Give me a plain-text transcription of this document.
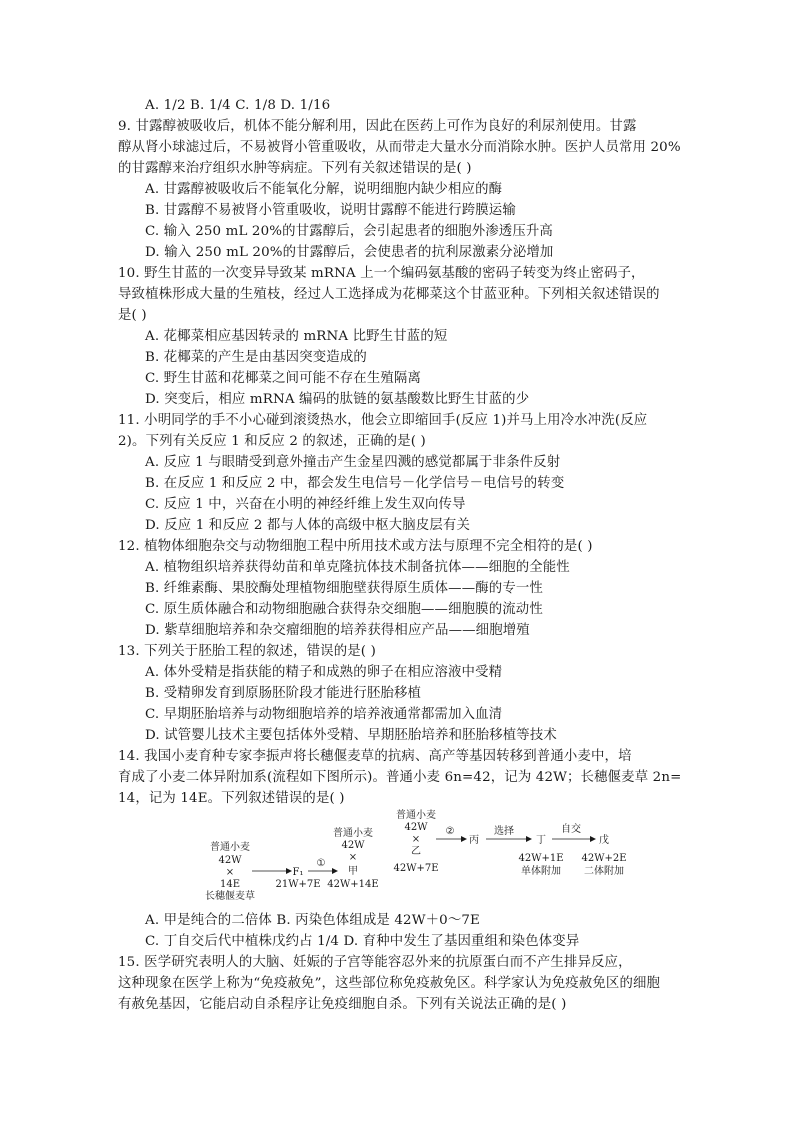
A. 1/2 B. 1/4 C. 1/8 D. 1/16
9. 甘露醇被吸收后，机体不能分解利用，因此在医药上可作为良好的利尿剂使用。甘露
醇从肾小球滤过后，不易被肾小管重吸收，从而带走大量水分而消除水肿。医护人员常用 20%
的甘露醇来治疗组织水肿等病症。下列有关叙述错误的是( )
A. 甘露醇被吸收后不能氧化分解，说明细胞内缺少相应的酶
B. 甘露醇不易被肾小管重吸收，说明甘露醇不能进行跨膜运输
C. 输入 250 mL 20%的甘露醇后，会引起患者的细胞外渗透压升高
D. 输入 250 mL 20%的甘露醇后，会使患者的抗利尿激素分泌增加
10. 野生甘蓝的一次变异导致某 mRNA 上一个编码氨基酸的密码子转变为终止密码子，
导致植株形成大量的生殖枝，经过人工选择成为花椰菜这个甘蓝亚种。下列相关叙述错误的
是( )
A. 花椰菜相应基因转录的 mRNA 比野生甘蓝的短
B. 花椰菜的产生是由基因突变造成的
C. 野生甘蓝和花椰菜之间可能不存在生殖隔离
D. 突变后，相应 mRNA 编码的肽链的氨基酸数比野生甘蓝的少
11. 小明同学的手不小心碰到滚烫热水，他会立即缩回手(反应 1)并马上用冷水冲洗(反应
2)。下列有关反应 1 和反应 2 的叙述，正确的是( )
A. 反应 1 与眼睛受到意外撞击产生金星四溅的感觉都属于非条件反射
B. 在反应 1 和反应 2 中，都会发生电信号－化学信号－电信号的转变
C. 反应 1 中，兴奋在小明的神经纤维上发生双向传导
D. 反应 1 和反应 2 都与人体的高级中枢大脑皮层有关
12. 植物体细胞杂交与动物细胞工程中所用技术或方法与原理不完全相符的是( )
A. 植物组织培养获得幼苗和单克隆抗体技术制备抗体——细胞的全能性
B. 纤维素酶、果胶酶处理植物细胞壁获得原生质体——酶的专一性
C. 原生质体融合和动物细胞融合获得杂交细胞——细胞膜的流动性
D. 紫草细胞培养和杂交瘤细胞的培养获得相应产品——细胞增殖
13. 下列关于胚胎工程的叙述，错误的是( )
A. 体外受精是指获能的精子和成熟的卵子在相应溶液中受精
B. 受精卵发育到原肠胚阶段才能进行胚胎移植
C. 早期胚胎培养与动物细胞培养的培养液通常都需加入血清
D. 试管婴儿技术主要包括体外受精、早期胚胎培养和胚胎移植等技术
14. 我国小麦育种专家李振声将长穗偃麦草的抗病、高产等基因转移到普通小麦中，培
育成了小麦二体异附加系(流程如下图所示)。普通小麦 6n=42，记为 42W；长穗偃麦草 2n=
14，记为 14E。下列叙述错误的是( )
普通小麦
42W
×
14E
长穗偃麦草
F₁
21W+7E
①
普通小麦
42W
×
甲
42W+14E
普通小麦
42W
×
乙
42W+7E
②
丙
选择
丁
42W+1E
单体附加
自交
戊
42W+2E
二体附加
A. 甲是纯合的二倍体 B. 丙染色体组成是 42W＋0～7E
C. 丁自交后代中植株戊约占 1/4 D. 育种中发生了基因重组和染色体变异
15. 医学研究表明人的大脑、妊娠的子宫等能容忍外来的抗原蛋白而不产生排异反应，
这种现象在医学上称为“免疫赦免”，这些部位称免疫赦免区。科学家认为免疫赦免区的细胞
有赦免基因，它能启动自杀程序让免疫细胞自杀。下列有关说法正确的是( )
